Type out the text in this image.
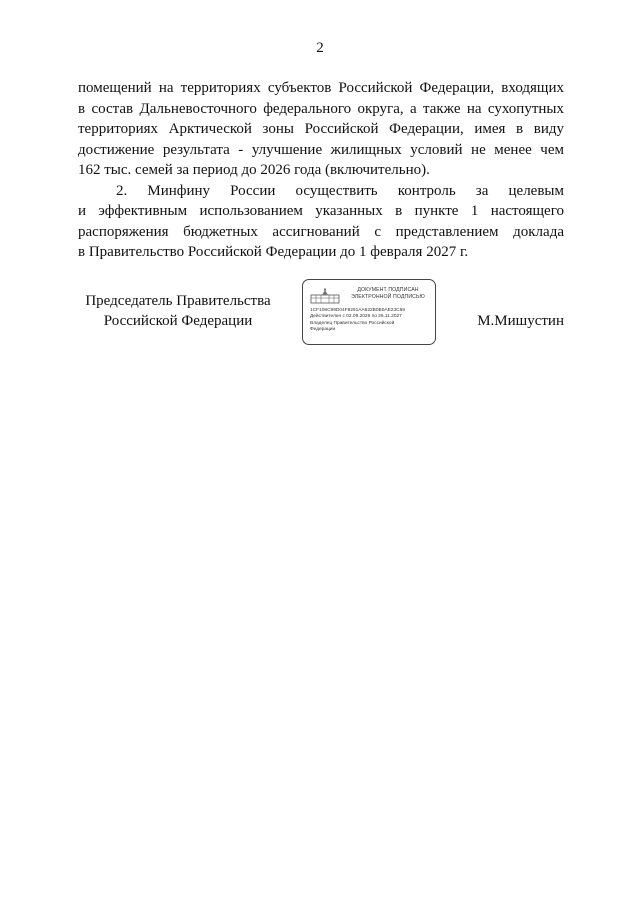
2

помещений на территориях субъектов Российской Федерации, входящих
в состав Дальневосточного федерального округа, а также на сухопутных
территориях Арктической зоны Российской Федерации, имея в виду
достижение результата - улучшение жилищных условий не менее чем
162 тыс. семей за период до 2026 года (включительно).

2. Минфину России осуществить контроль за целевым
и эффективным использованием указанных в пункте 1 настоящего
распоряжения бюджетных ассигнований с представлением доклада
в Правительство Российской Федерации до 1 февраля 2027 г.

Председатель Правительства
Российской Федерации
ДОКУМЕНТ ПОДПИСАН
ЭЛЕКТРОННОЙ ПОДПИСЬЮ
1CF108C99D04F8291AA822B0B0AE23C59
Действителен с 02.09.2026 по 26.11.2027
Владелец Правительство Российской
Федерации
М.Мишустин
